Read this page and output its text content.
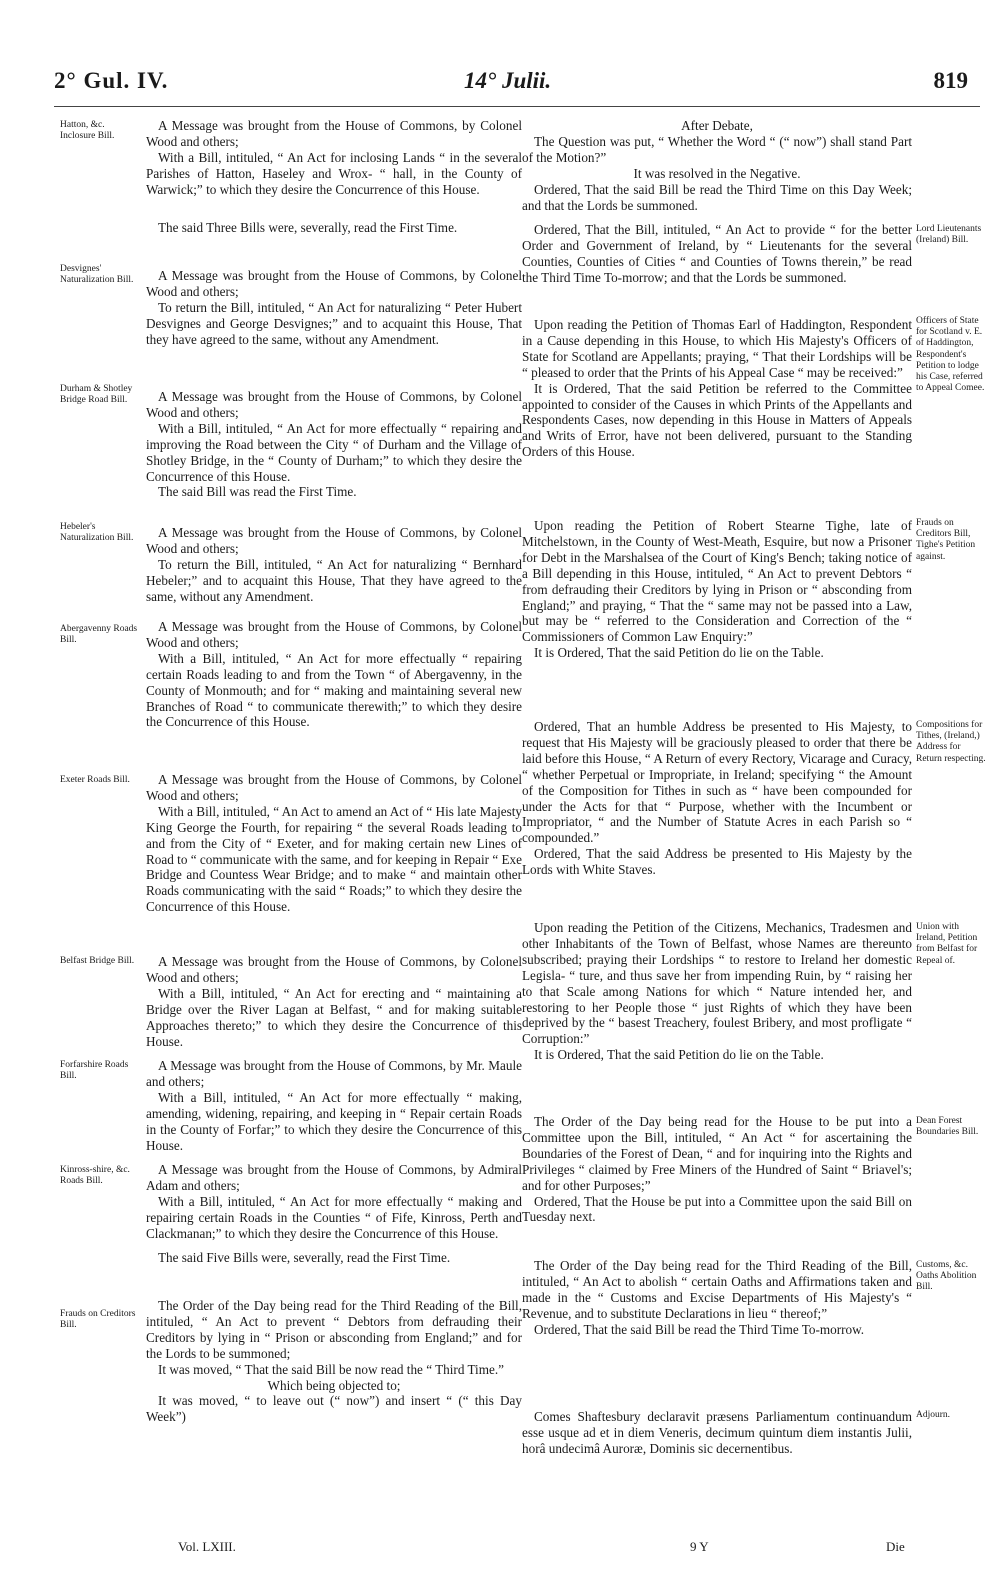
2° Gul. IV.	14° Julii.	819
Hatton, &c. Inclosure Bill.
Desvignes' Naturalization Bill.
Durham & Shotley Bridge Road Bill.
Hebeler's Naturalization Bill.
Abergavenny Roads Bill.
Exeter Roads Bill.
Belfast Bridge Bill.
Forfarshire Roads Bill.
Kinross-shire, &c. Roads Bill.
Frauds on Creditors Bill.

A Message was brought from the House of Commons, by Colonel Wood and others;

With a Bill, intituled, “ An Act for inclosing Lands “ in the several Parishes of Hatton, Haseley and Wrox- “ hall, in the County of Warwick;” to which they desire the Concurrence of this House.

The said Three Bills were, severally, read the First Time.

A Message was brought from the House of Commons, by Colonel Wood and others;

To return the Bill, intituled, “ An Act for naturalizing “ Peter Hubert Desvignes and George Desvignes;” and to acquaint this House, That they have agreed to the same, without any Amendment.

A Message was brought from the House of Commons, by Colonel Wood and others;

With a Bill, intituled, “ An Act for more effectually “ repairing and improving the Road between the City “ of Durham and the Village of Shotley Bridge, in the “ County of Durham;” to which they desire the Concurrence of this House.

The said Bill was read the First Time.

A Message was brought from the House of Commons, by Colonel Wood and others;

To return the Bill, intituled, “ An Act for naturalizing “ Bernhard Hebeler;” and to acquaint this House, That they have agreed to the same, without any Amendment.

A Message was brought from the House of Commons, by Colonel Wood and others;

With a Bill, intituled, “ An Act for more effectually “ repairing certain Roads leading to and from the Town “ of Abergavenny, in the County of Monmouth; and for “ making and maintaining several new Branches of Road “ to communicate therewith;” to which they desire the Concurrence of this House.

A Message was brought from the House of Commons, by Colonel Wood and others;

With a Bill, intituled, “ An Act to amend an Act of “ His late Majesty King George the Fourth, for repairing “ the several Roads leading to and from the City of “ Exeter, and for making certain new Lines of Road to “ communicate with the same, and for keeping in Repair “ Exe Bridge and Countess Wear Bridge; and to make “ and maintain other Roads communicating with the said “ Roads;” to which they desire the Concurrence of this House.

A Message was brought from the House of Commons, by Colonel Wood and others;

With a Bill, intituled, “ An Act for erecting and “ maintaining a Bridge over the River Lagan at Belfast, “ and for making suitable Approaches thereto;” to which they desire the Concurrence of this House.

A Message was brought from the House of Commons, by Mr. Maule and others;

With a Bill, intituled, “ An Act for more effectually “ making, amending, widening, repairing, and keeping in “ Repair certain Roads in the County of Forfar;” to which they desire the Concurrence of this House.

A Message was brought from the House of Commons, by Admiral Adam and others;

With a Bill, intituled, “ An Act for more effectually “ making and repairing certain Roads in the Counties “ of Fife, Kinross, Perth and Clackmanan;” to which they desire the Concurrence of this House.

The said Five Bills were, severally, read the First Time.

The Order of the Day being read for the Third Reading of the Bill, intituled, “ An Act to prevent “ Debtors from defrauding their Creditors by lying in “ Prison or absconding from England;” and for the Lords to be summoned;

It was moved, “ That the said Bill be now read the “ Third Time.”

Which being objected to;

It was moved, “ to leave out (“ now”) and insert “ (“ this Day Week”)

After Debate,

The Question was put, “ Whether the Word “ (“ now”) shall stand Part of the Motion?”

It was resolved in the Negative.

Ordered, That the said Bill be read the Third Time on this Day Week; and that the Lords be summoned.

Ordered, That the Bill, intituled, “ An Act to provide “ for the better Order and Government of Ireland, by “ Lieutenants for the several Counties, Counties of Cities “ and Counties of Towns therein,” be read the Third Time To-morrow; and that the Lords be summoned.

Upon reading the Petition of Thomas Earl of Haddington, Respondent in a Cause depending in this House, to which His Majesty's Officers of State for Scotland are Appellants; praying, “ That their Lordships will be “ pleased to order that the Prints of his Appeal Case “ may be received:”

It is Ordered, That the said Petition be referred to the Committee appointed to consider of the Causes in which Prints of the Appellants and Respondents Cases, now depending in this House in Matters of Appeals and Writs of Error, have not been delivered, pursuant to the Standing Orders of this House.

Upon reading the Petition of Robert Stearne Tighe, late of Mitchelstown, in the County of West-Meath, Esquire, but now a Prisoner for Debt in the Marshalsea of the Court of King's Bench; taking notice of a Bill depending in this House, intituled, “ An Act to prevent Debtors “ from defrauding their Creditors by lying in Prison or “ absconding from England;” and praying, “ That the “ same may not be passed into a Law, but may be “ referred to the Consideration and Correction of the “ Commissioners of Common Law Enquiry:”

It is Ordered, That the said Petition do lie on the Table.

Ordered, That an humble Address be presented to His Majesty, to request that His Majesty will be graciously pleased to order that there be laid before this House, “ A Return of every Rectory, Vicarage and Curacy, “ whether Perpetual or Impropriate, in Ireland; specifying “ the Amount of the Composition for Tithes in such as “ have been compounded for under the Acts for that “ Purpose, whether with the Incumbent or Impropriator, “ and the Number of Statute Acres in each Parish so “ compounded.”

Ordered, That the said Address be presented to His Majesty by the Lords with White Staves.

Upon reading the Petition of the Citizens, Mechanics, Tradesmen and other Inhabitants of the Town of Belfast, whose Names are thereunto subscribed; praying their Lordships “ to restore to Ireland her domestic Legisla- “ ture, and thus save her from impending Ruin, by “ raising her to that Scale among Nations for which “ Nature intended her, and restoring to her People those “ just Rights of which they have been deprived by the “ basest Treachery, foulest Bribery, and most profligate “ Corruption:”

It is Ordered, That the said Petition do lie on the Table.

The Order of the Day being read for the House to be put into a Committee upon the Bill, intituled, “ An Act “ for ascertaining the Boundaries of the Forest of Dean, “ and for inquiring into the Rights and Privileges “ claimed by Free Miners of the Hundred of Saint “ Briavel's; and for other Purposes;”

Ordered, That the House be put into a Committee upon the said Bill on Tuesday next.

The Order of the Day being read for the Third Reading of the Bill, intituled, “ An Act to abolish “ certain Oaths and Affirmations taken and made in the “ Customs and Excise Departments of His Majesty's “ Revenue, and to substitute Declarations in lieu “ thereof;”

Ordered, That the said Bill be read the Third Time To-morrow.

Comes Shaftesbury declaravit præsens Parliamentum continuandum esse usque ad et in diem Veneris, decimum quintum diem instantis Julii, horâ undecimâ Auroræ, Dominis sic decernentibus.

Lord Lieutenants (Ireland) Bill.
Officers of State for Scotland v. E. of Haddington, Respondent's Petition to lodge his Case, referred to Appeal Comee.
Frauds on Creditors Bill, Tighe's Petition against.
Compositions for Tithes, (Ireland,) Address for Return respecting.
Union with Ireland, Petition from Belfast for Repeal of.
Dean Forest Boundaries Bill.
Customs, &c. Oaths Abolition Bill.
Adjourn.
Vol. LXIII.	9 Y	Die
